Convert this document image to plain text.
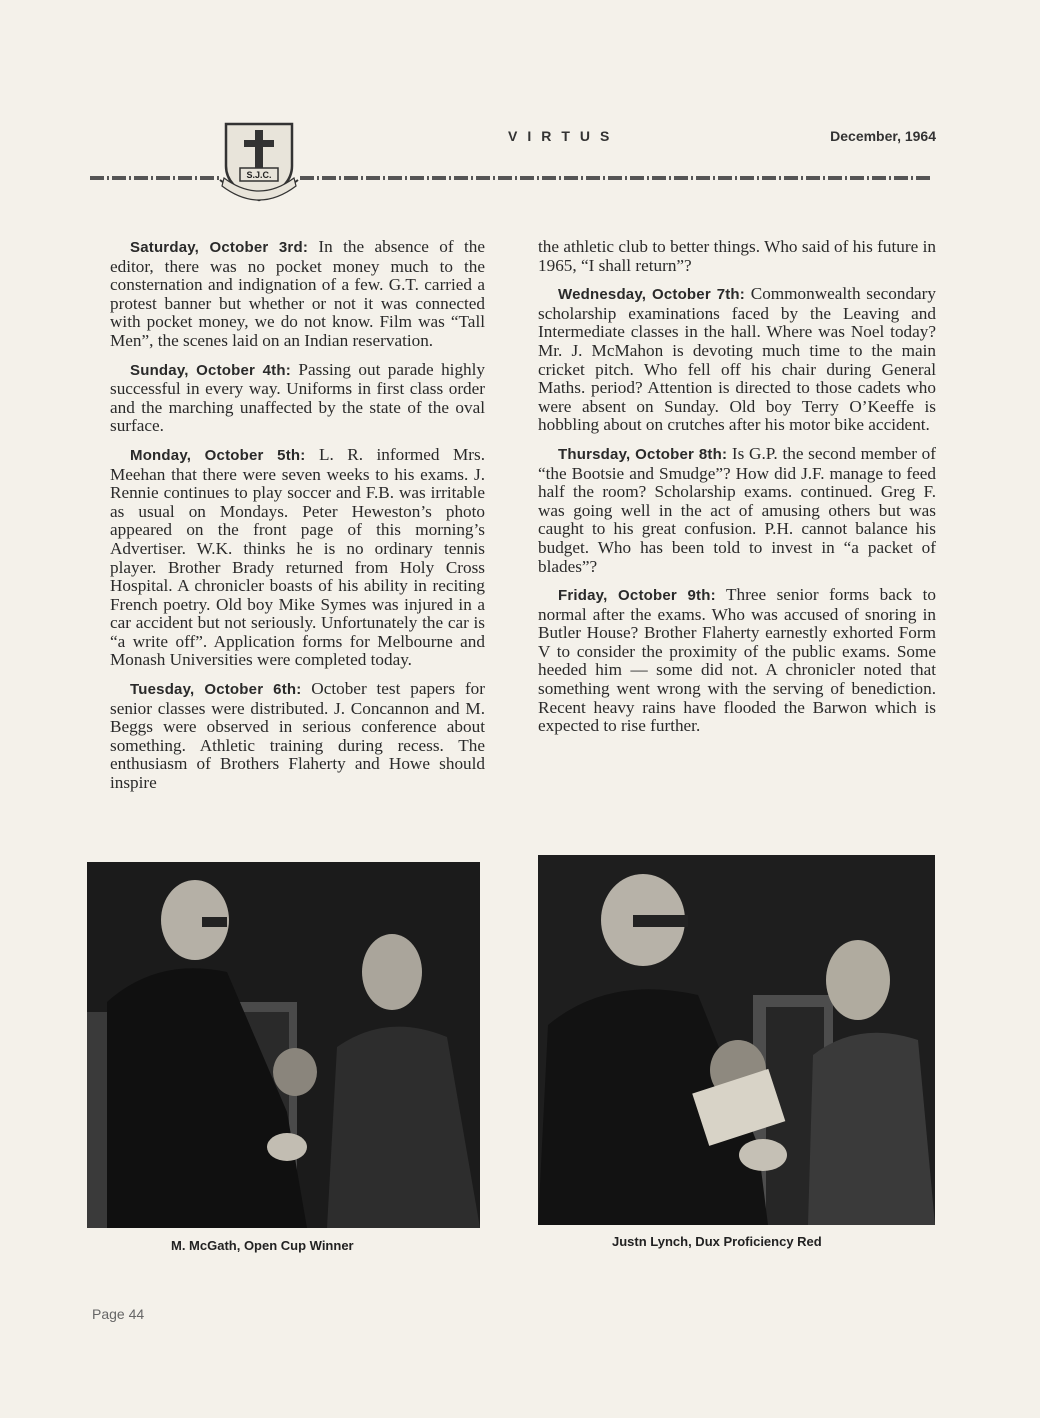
S.J.C.
VIRTUS	December, 1964

Saturday, October 3rd: In the absence of the editor, there was no pocket money much to the consternation and indignation of a few. G.T. carried a protest banner but whether or not it was connected with pocket money, we do not know. Film was “Tall Men”, the scenes laid on an Indian reservation.

Sunday, October 4th: Passing out parade highly successful in every way. Uniforms in first class order and the marching unaffected by the state of the oval surface.

Monday, October 5th: L. R. informed Mrs. Meehan that there were seven weeks to his exams. J. Rennie continues to play soccer and F.B. was irritable as usual on Mondays. Peter Heweston’s photo appeared on the front page of this morning’s Advertiser. W.K. thinks he is no ordinary tennis player. Brother Brady returned from Holy Cross Hospital. A chronicler boasts of his ability in reciting French poetry. Old boy Mike Symes was injured in a car accident but not seriously. Unfortunately the car is “a write off”. Application forms for Melbourne and Monash Universities were completed today.

Tuesday, October 6th: October test papers for senior classes were distributed. J. Concannon and M. Beggs were observed in serious conference about something. Athletic training during recess. The enthusiasm of Brothers Flaherty and Howe should inspire

the athletic club to better things. Who said of his future in 1965, “I shall return”?

Wednesday, October 7th: Commonwealth secondary scholarship examinations faced by the Leaving and Intermediate classes in the hall. Where was Noel today? Mr. J. McMahon is devoting much time to the main cricket pitch. Who fell off his chair during General Maths. period? Attention is directed to those cadets who were absent on Sunday. Old boy Terry O’Keeffe is hobbling about on crutches after his motor bike accident.

Thursday, October 8th: Is G.P. the second member of “the Bootsie and Smudge”? How did J.F. manage to feed half the room? Scholarship exams. continued. Greg F. was going well in the act of amusing others but was caught to his great confusion. P.H. cannot balance his budget. Who has been told to invest in “a packet of blades”?

Friday, October 9th: Three senior forms back to normal after the exams. Who was accused of snoring in Butler House? Brother Flaherty earnestly exhorted Form V to consider the proximity of the public exams. Some heeded him — some did not. A chronicler noted that something went wrong with the serving of benediction. Recent heavy rains have flooded the Barwon which is expected to rise further.

M. McGath, Open Cup Winner	Justn Lynch, Dux Proficiency Red
Page 44
